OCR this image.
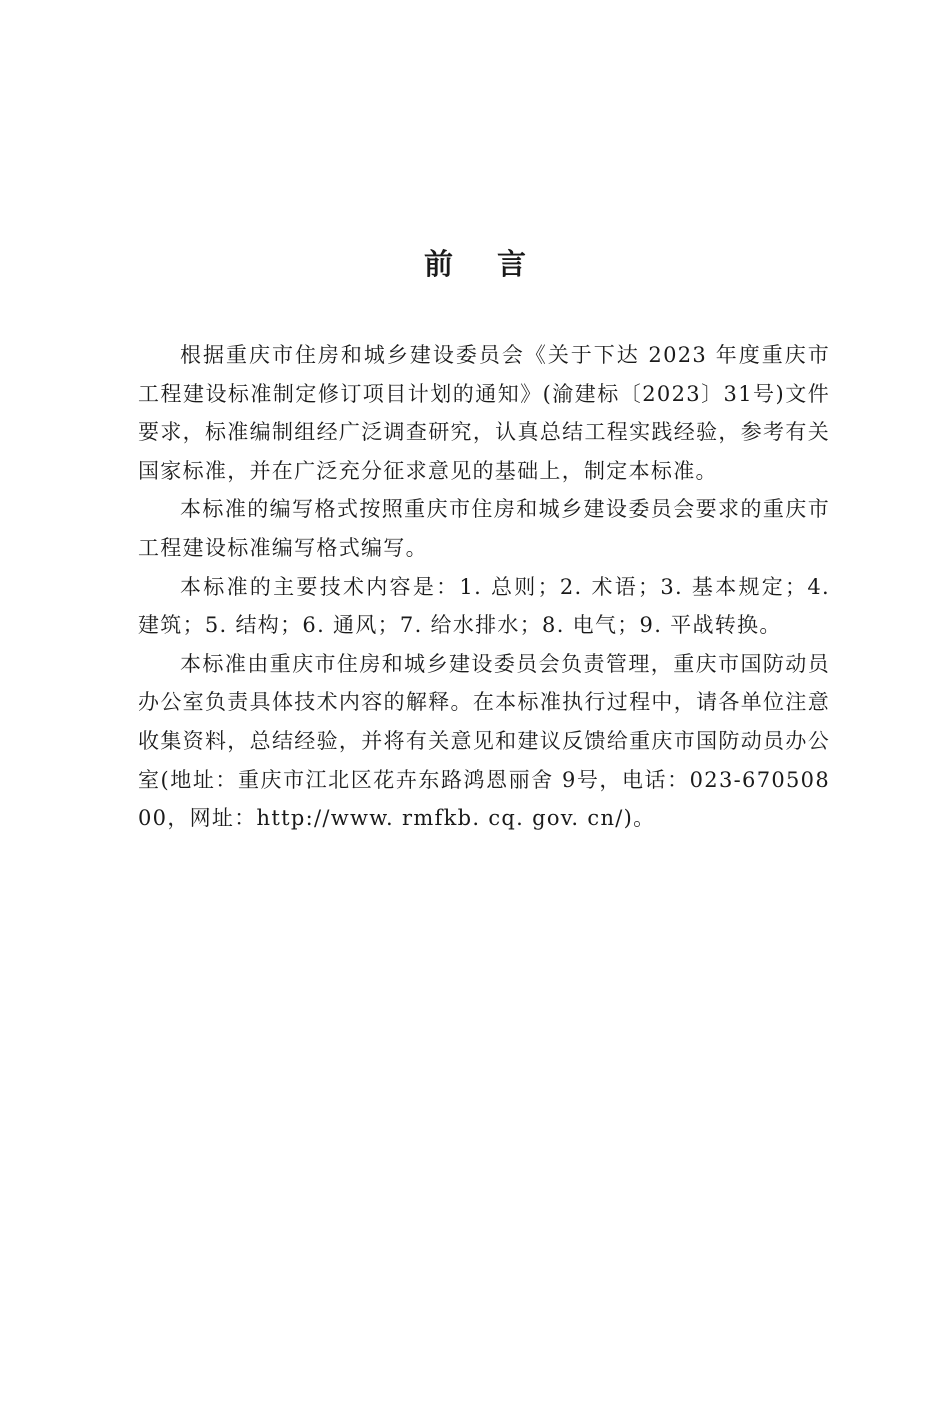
前言

根据重庆市住房和城乡建设委员会《关于下达 2023 年度重庆市工程建设标准制定修订项目计划的通知》(渝建标〔2023〕31号)文件要求，标准编制组经广泛调查研究，认真总结工程实践经验，参考有关国家标准，并在广泛充分征求意见的基础上，制定本标准。

本标准的编写格式按照重庆市住房和城乡建设委员会要求的重庆市工程建设标准编写格式编写。

本标准的主要技术内容是：1. 总则；2. 术语；3. 基本规定；4. 建筑；5. 结构；6. 通风；7. 给水排水；8. 电气；9. 平战转换。

本标准由重庆市住房和城乡建设委员会负责管理，重庆市国防动员办公室负责具体技术内容的解释。在本标准执行过程中，请各单位注意收集资料，总结经验，并将有关意见和建议反馈给重庆市国防动员办公室(地址：重庆市江北区花卉东路鸿恩丽舍 9号，电话：023-67050800，网址：http://www. rmfkb. cq. gov. cn/)。
